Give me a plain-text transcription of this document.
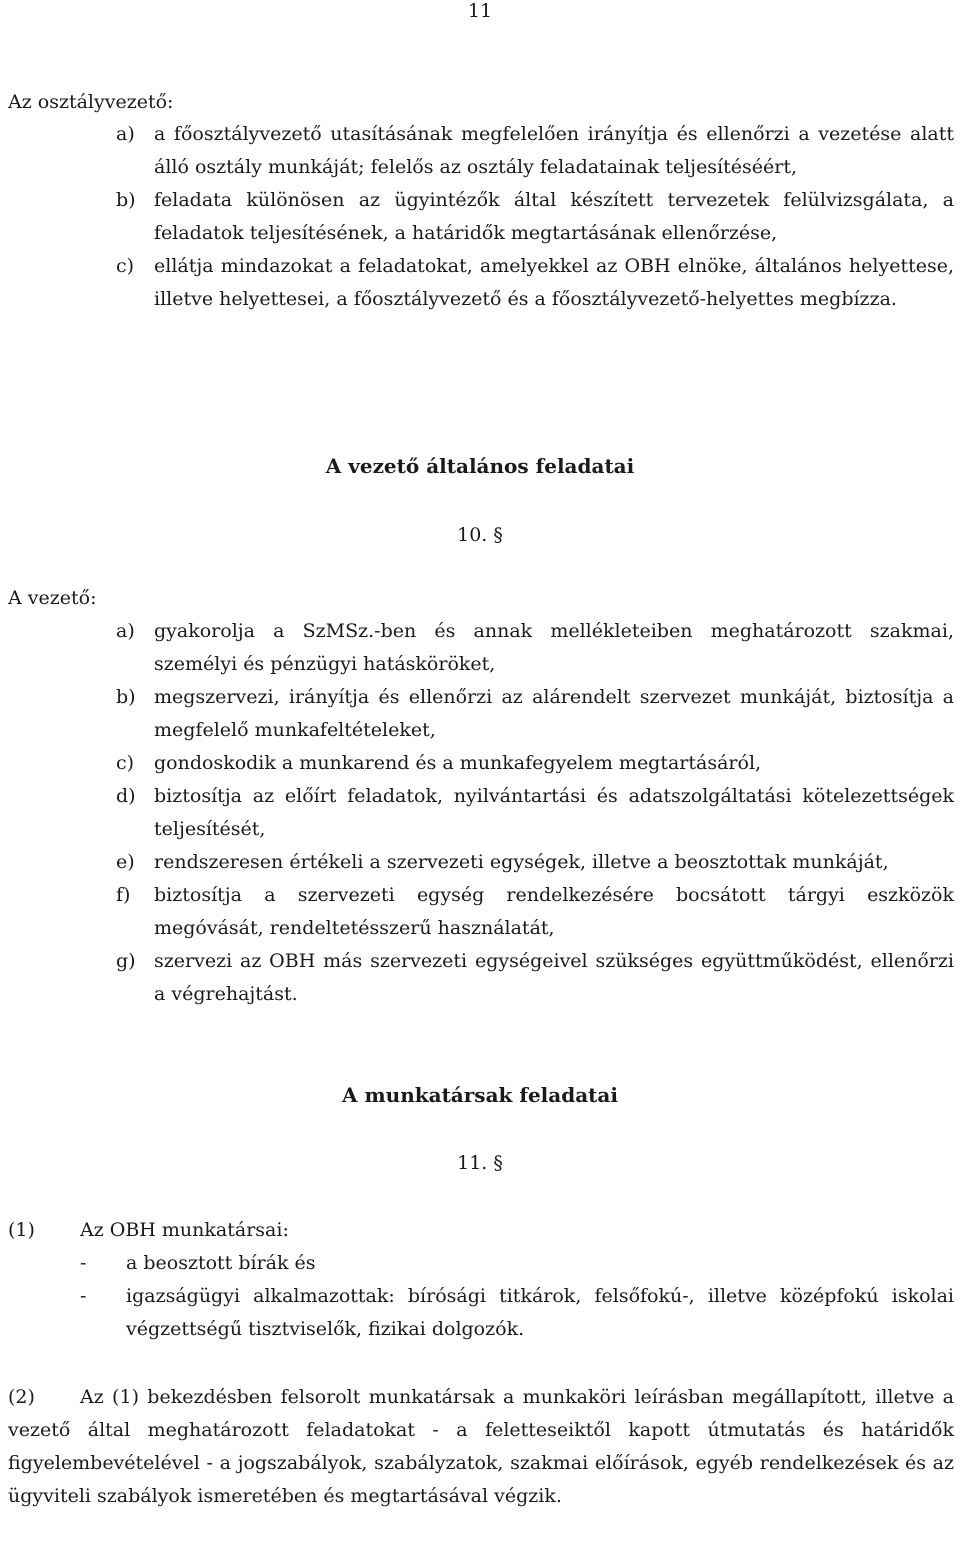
11
Az osztályvezető:
a) a főosztályvezető utasításának megfelelően irányítja és ellenőrzi a vezetése alatt álló osztály munkáját; felelős az osztály feladatainak teljesítéséért,
b) feladata különösen az ügyintézők által készített tervezetek felülvizsgálata, a feladatok teljesítésének, a határidők megtartásának ellenőrzése,
c) ellátja mindazokat a feladatokat, amelyekkel az OBH elnöke, általános helyettese, illetve helyettesei, a főosztályvezető és a főosztályvezető-helyettes megbízza.
A vezető általános feladatai
10. §
A vezető:
a) gyakorolja a SzMSz.-ben és annak mellékleteiben meghatározott szakmai, személyi és pénzügyi hatásköröket,
b) megszervezi, irányítja és ellenőrzi az alárendelt szervezet munkáját, biztosítja a megfelelő munkafeltételeket,
c) gondoskodik a munkarend és a munkafegyelem megtartásáról,
d) biztosítja az előírt feladatok, nyilvántartási és adatszolgáltatási kötelezettségek teljesítését,
e) rendszeresen értékeli a szervezeti egységek, illetve a beosztottak munkáját,
f) biztosítja a szervezeti egység rendelkezésére bocsátott tárgyi eszközök megóvását, rendeltetésszerű használatát,
g) szervezi az OBH más szervezeti egységeivel szükséges együttműködést, ellenőrzi a végrehajtást.
A munkatársak feladatai
11. §
(1) Az OBH munkatársai:
- a beosztott bírák és
- igazságügyi alkalmazottak: bírósági titkárok, felsőfokú-, illetve középfokú iskolai végzettségű tisztviselők, fizikai dolgozók.
(2)	Az (1) bekezdésben felsorolt munkatársak a munkaköri leírásban megállapított, illetve a vezető által meghatározott feladatokat - a feletteseiktől kapott útmutatás és határidők figyelembevételével - a jogszabályok, szabályzatok, szakmai előírások, egyéb rendelkezések és az ügyviteli szabályok ismeretében és megtartásával végzik.
